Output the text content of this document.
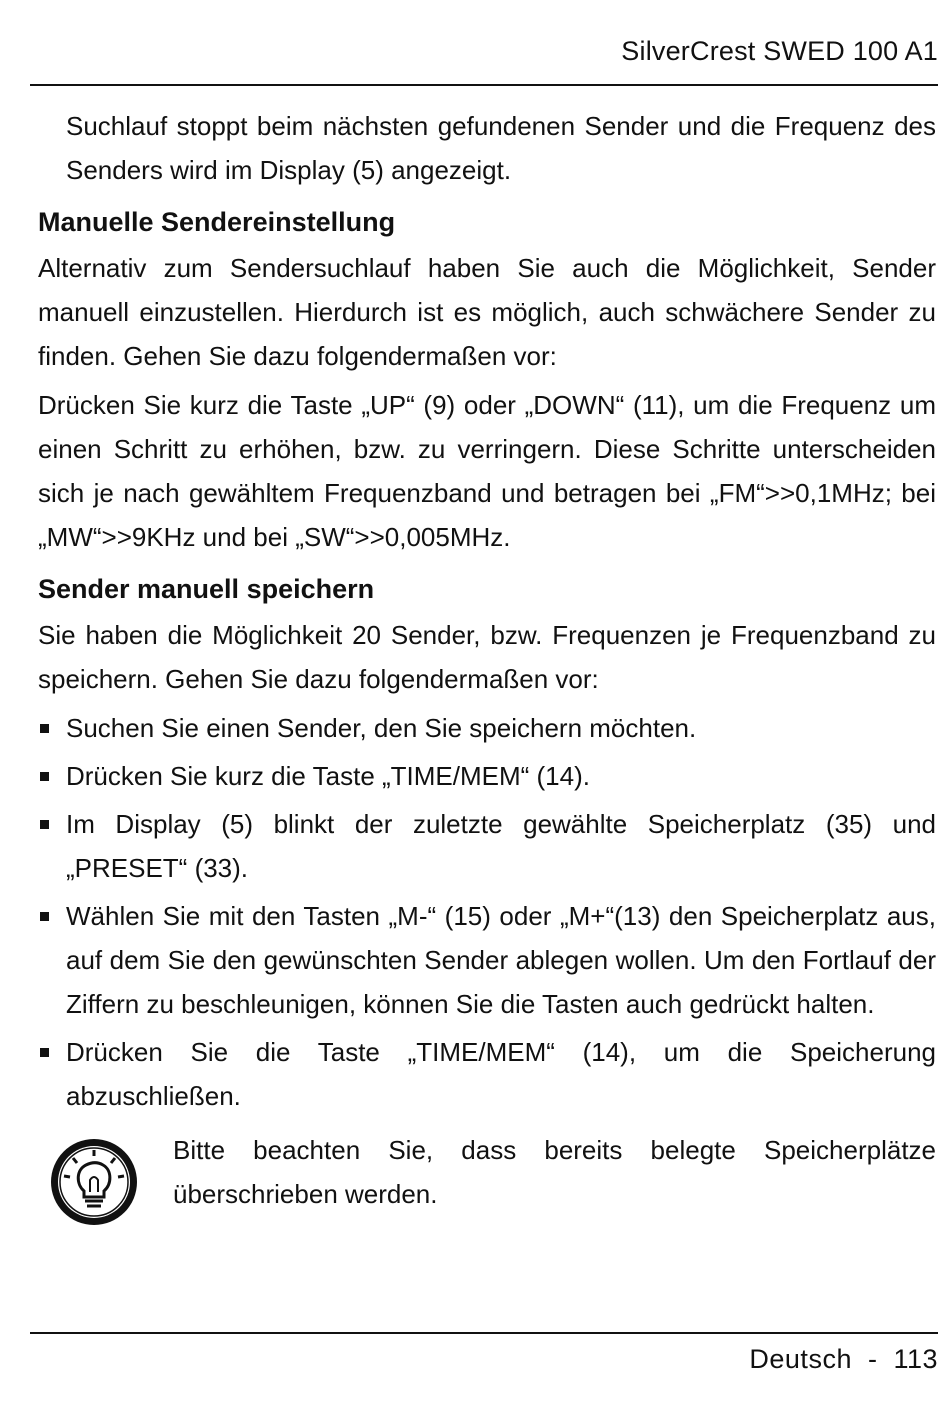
SilverCrest SWED 100 A1

Suchlauf stoppt beim nächsten gefundenen Sender und die Frequenz des Senders wird im Display (5) angezeigt.

Manuelle Sendereinstellung

Alternativ zum Sendersuchlauf haben Sie auch die Möglichkeit, Sender manuell einzustellen. Hierdurch ist es möglich, auch schwächere Sender zu finden. Gehen Sie dazu folgendermaßen vor:

Drücken Sie kurz die Taste „UP“ (9) oder „DOWN“ (11), um die Frequenz um einen Schritt zu erhöhen, bzw. zu verringern. Diese Schritte unterscheiden sich je nach gewähltem Frequenzband und betragen bei „FM“>>0,1MHz; bei „MW“>>9KHz und bei „SW“>>0,005MHz.

Sender manuell speichern

Sie haben die Möglichkeit 20 Sender, bzw. Frequenzen je Frequenzband zu speichern. Gehen Sie dazu folgendermaßen vor:

Suchen Sie einen Sender, den Sie speichern möchten.
Drücken Sie kurz die Taste „TIME/MEM“ (14).
Im Display (5) blinkt der zuletzte gewählte Speicherplatz (35) und „PRESET“ (33).
Wählen Sie mit den Tasten „M-“ (15) oder „M+“(13) den Speicherplatz aus, auf dem Sie den gewünschten Sender ablegen wollen. Um den Fortlauf der Ziffern zu beschleunigen, können Sie die Tasten auch gedrückt halten.
Drücken Sie die Taste „TIME/MEM“ (14), um die Speicherung abzuschließen.
Bitte beachten Sie, dass bereits belegte Speicherplätze überschrieben werden.
Deutsch  -  113
